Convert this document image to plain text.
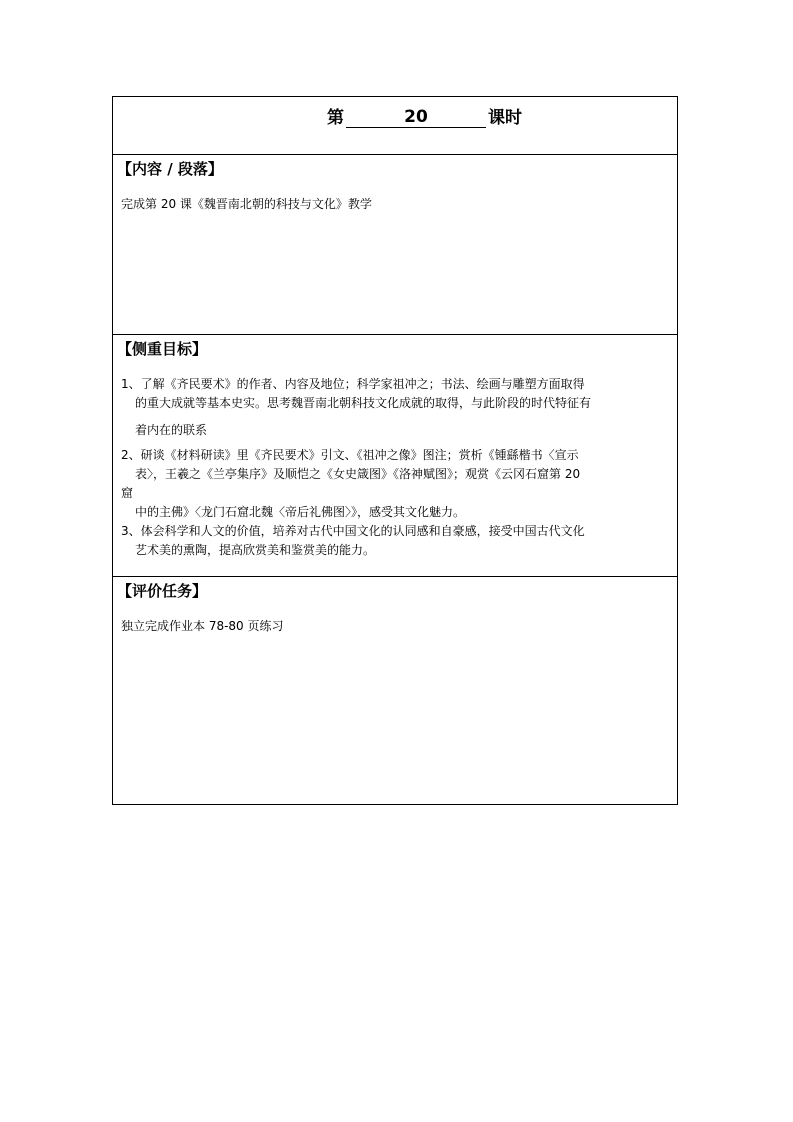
第	20	课时
【内容 / 段落】
完成第 20 课《魏晋南北朝的科技与文化》教学
【侧重目标】
1、了解《齐民要术》的作者、内容及地位；科学家祖冲之；书法、绘画与雕塑方面取得
的重大成就等基本史实。思考魏晋南北朝科技文化成就的取得，与此阶段的时代特征有
着内在的联系
2、研谈《材料研读》里《齐民要术》引文、《祖冲之像》图注；赏析《锺繇楷书〈宣示
表〉，王羲之《兰亭集序》及顺恺之《女史箴图》《洛神赋图》；观赏《云冈石窟第 20
窟
中的主佛》〈龙门石窟北魏〈帝后礼佛图〉》，感受其文化魅力。
3、体会科学和人文的价值，培养对古代中国文化的认同感和自豪感，接受中国古代文化
艺术美的熏陶，提高欣赏美和鉴赏美的能力。
【评价任务】
独立完成作业本 78-80 页练习
